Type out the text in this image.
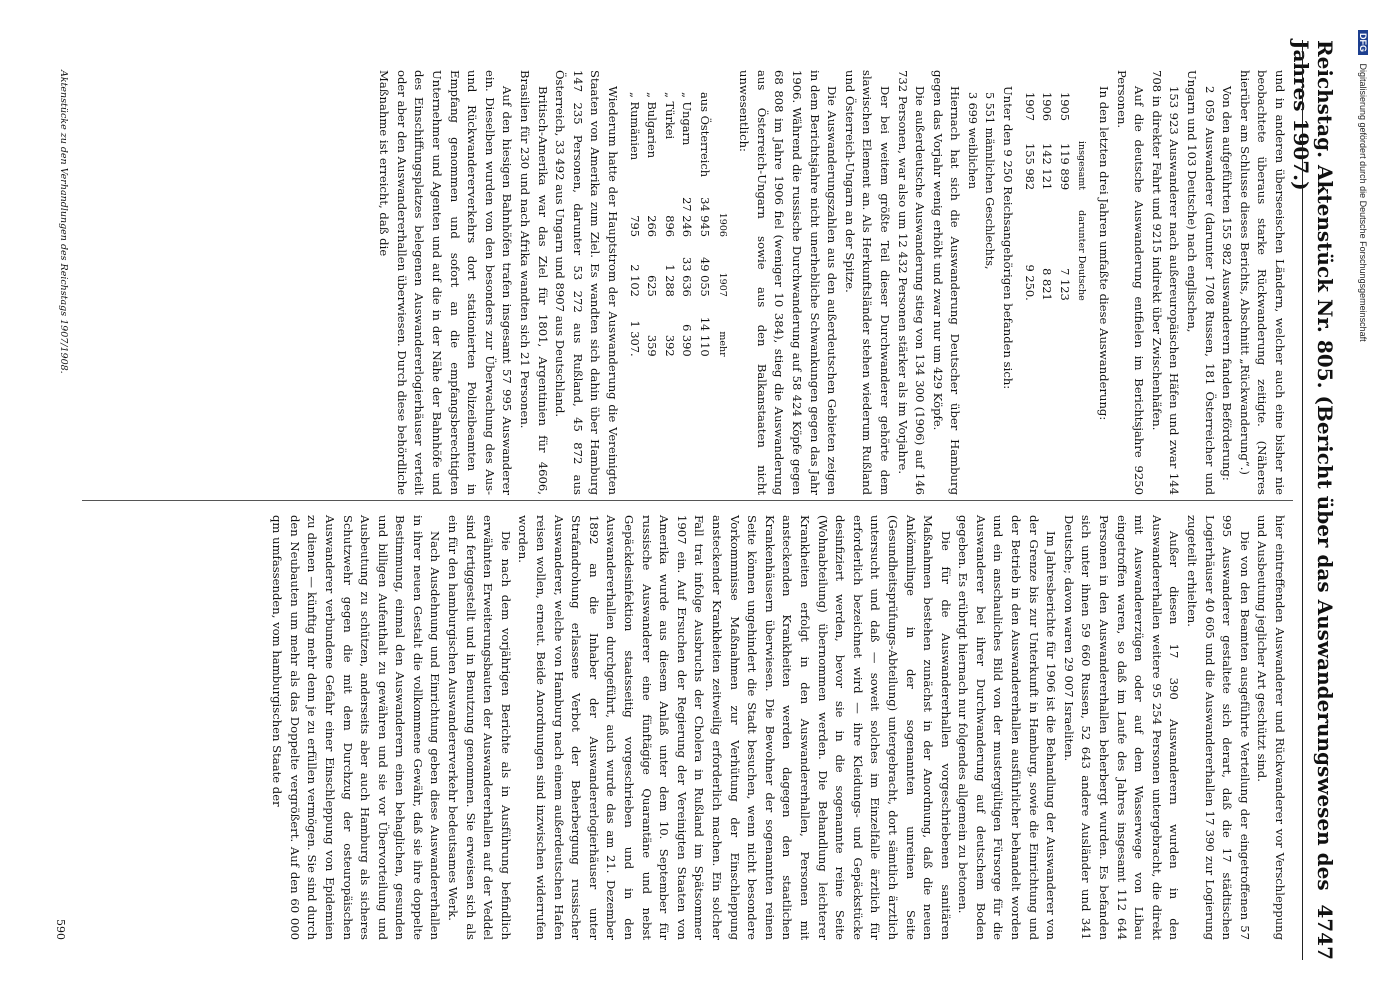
Reichstag. Aktenstück Nr. 805. (Bericht über das Auswanderungswesen des Jahres 1907.)
4747

und in anderen überseeischen Ländern, welcher auch eine bisher nie beobachtete überaus starke Rückwanderung zeitigte. (Näheres hierüber am Schlusse dieses Berichts, Abschnitt „Rückwanderung“.)

Von den aufgeführten 155 982 Auswanderern fanden Beförderung:

2 059 Auswanderer (darunter 1708 Russen, 181 Österreicher und Ungarn und 103 Deutsche) nach englischen,

153 923 Auswanderer nach außereuropäischen Häfen und zwar 144 708 in direkter Fahrt und 9215 indirekt über Zwischenhäfen.

Auf die deutsche Auswanderung entfielen im Berichtsjahre 9250 Personen.

In den letzten drei Jahren umfaßte diese Auswanderung:

	insgesamt	darunter Deutsche
1905	119 899	7 123
1906	142 121	8 821
1907	155 982	9 250.

Unter den 9 250 Reichsangehörigen befanden sich:

5 551 männlichen Geschlechts,
3 699 weiblichen

Hiernach hat sich die Auswanderung Deutscher über Hamburg gegen das Vorjahr wenig erhöht und zwar nur um 429 Köpfe.

Die außerdeutsche Auswanderung stieg von 134 300 (1906) auf 146 732 Personen, war also um 12 432 Personen stärker als im Vorjahre.

Der bei weitem größte Teil dieser Durchwanderer gehörte dem slawischen Element an. Als Herkunftsländer stehen wiederum Rußland und Österreich-Ungarn an der Spitze.

Die Auswanderungszahlen aus den außerdeutschen Gebieten zeigen in dem Berichtsjahre nicht unerhebliche Schwankungen gegen das Jahr 1906. Während die russische Durchwanderung auf 58 424 Köpfe gegen 68 808 im Jahre 1906 fiel (weniger 10 384), stieg die Auswanderung aus Österreich-Ungarn sowie aus den Balkanstaaten nicht unwesentlich:

	1906	1907	mehr
aus Österreich	34 945	49 055	14 110
„ Ungarn	27 246	33 636	6 390
„ Türkei	896	1 288	392
„ Bulgarien	266	625	359
„ Rumänien	795	2 102	1 307.

Wiederum hatte der Hauptstrom der Auswanderung die Vereinigten Staaten von Amerika zum Ziel. Es wandten sich dahin über Hamburg 147 235 Personen, darunter 53 272 aus Rußland, 45 872 aus Österreich, 33 492 aus Ungarn und 8907 aus Deutschland.

Britisch-Amerika war das Ziel für 1801, Argentinien für 4606, Brasilien für 230 und nach Afrika wandten sich 21 Personen.

Auf den hiesigen Bahnhöfen trafen insgesamt 57 995 Auswanderer ein. Dieselben wurden von den besonders zur Überwachung des Aus- und Rückwandererverkehrs dort stationierten Polizeibeamten in Empfang genommen und sofort an die empfangsberechtigten Unternehmer und Agenten und auf die in der Nähe der Bahnhöfe und des Einschiffungsplatzes belegenen Auswandererlogierhäuser verteilt oder aber den Auswandererhallen überwiesen. Durch diese behördliche Maßnahme ist erreicht, daß die

hier eintreffenden Auswanderer und Rückwanderer vor Verschleppung und Ausbeutung jeglicher Art geschützt sind.

Die von den Beamten ausgeführte Verteilung der eingetroffenen 57 995 Auswanderer gestaltete sich derart, daß die 17 städtischen Logierhäuser 40 605 und die Auswandererhallen 17 390 zur Logierung zugeteilt erhielten.

Außer diesen 17 390 Auswanderern wurden in den Auswandererhallen weitere 95 254 Personen untergebracht, die direkt mit Auswandererzügen oder auf dem Wasserwege von Libau eingetroffen waren, so daß im Laufe des Jahres insgesamt 112 644 Personen in den Auswandererhallen beherbergt wurden. Es befanden sich unter ihnen 59 660 Russen, 52 643 andere Ausländer und 341 Deutsche; davon waren 29 007 Israeliten.

Im Jahresberichte für 1906 ist die Behandlung der Auswanderer von der Grenze bis zur Unterkunft in Hamburg, sowie die Einrichtung und der Betrieb in den Auswandererhallen ausführlicher behandelt worden und ein anschauliches Bild von der mustergültigen Fürsorge für die Auswanderer bei ihrer Durchwanderung auf deutschem Boden gegeben. Es erübrigt hiernach nur folgendes allgemein zu betonen.

Die für die Auswandererhallen vorgeschriebenen sanitären Maßnahmen bestehen zunächst in der Anordnung, daß die neuen Ankömmlinge in der sogenannten unreinen Seite (Gesundheitsprüfungs-Abteilung) untergebracht, dort sämtlich ärztlich untersucht und daß — soweit solches im Einzelfalle ärztlich für erforderlich bezeichnet wird — ihre Kleidungs- und Gepäckstücke desinfiziert werden, bevor sie in die sogenannte reine Seite (Wohnabteilung) übernommen werden. Die Behandlung leichterer Krankheiten erfolgt in den Auswandererhallen, Personen mit ansteckenden Krankheiten werden dagegen den staatlichen Krankenhäusern überwiesen. Die Bewohner der sogenannten reinen Seite können ungehindert die Stadt besuchen, wenn nicht besondere Vorkommnisse Maßnahmen zur Verhütung der Einschleppung ansteckender Krankheiten zeitweilig erforderlich machen. Ein solcher Fall trat infolge Ausbruchs der Cholera in Rußland im Spätsommer 1907 ein. Auf Ersuchen der Regierung der Vereinigten Staaten von Amerika wurde aus diesem Anlaß unter dem 10. September für russische Auswanderer eine fünftägige Quarantäne und nebst Gepäckdesinfektion staatsseitig vorgeschrieben und in den Auswandererhallen durchgeführt, auch wurde das am 21. Dezember 1892 an die Inhaber der Auswandererlogierhäuser unter Strafandrohung erlassene Verbot der Beherbergung russischer Auswanderer, welche von Hamburg nach einem außerdeutschen Hafen reisen wollen, erneut. Beide Anordnungen sind inzwischen widerrufen worden.

Die nach dem vorjährigen Berichte als in Ausführung befindlich erwähnten Erweiterungsbauten der Auswandererhallen auf der Veddel sind fertiggestellt und in Benutzung genommen. Sie erweisen sich als ein für den hamburgischen Auswandererverkehr bedeutsames Werk.

Nach Ausdehnung und Einrichtung geben diese Auswandererhallen in ihrer neuen Gestalt die vollkommene Gewähr, daß sie ihre doppelte Bestimmung, einmal den Auswanderern einen behaglichen, gesunden und billigen Aufenthalt zu gewähren und sie vor Übervorteilung und Ausbeutung zu schützen, anderseits aber auch Hamburg als sicheres Schutzwehr gegen die mit dem Durchzug der osteuropäischen Auswanderer verbundene Gefahr einer Einschleppung von Epidemien zu dienen — künftig mehr denn je zu erfüllen vermögen. Sie sind durch den Neubauten um mehr als das Doppelte vergrößert. Auf den 60 000 qm umfassenden, vom hamburgischen Staate der

Aktenstücke zu den Verhandlungen des Reichstags 1907/1908.
590
DFG Digitalisierung gefördert durch die Deutsche Forschungsgemeinschaft
